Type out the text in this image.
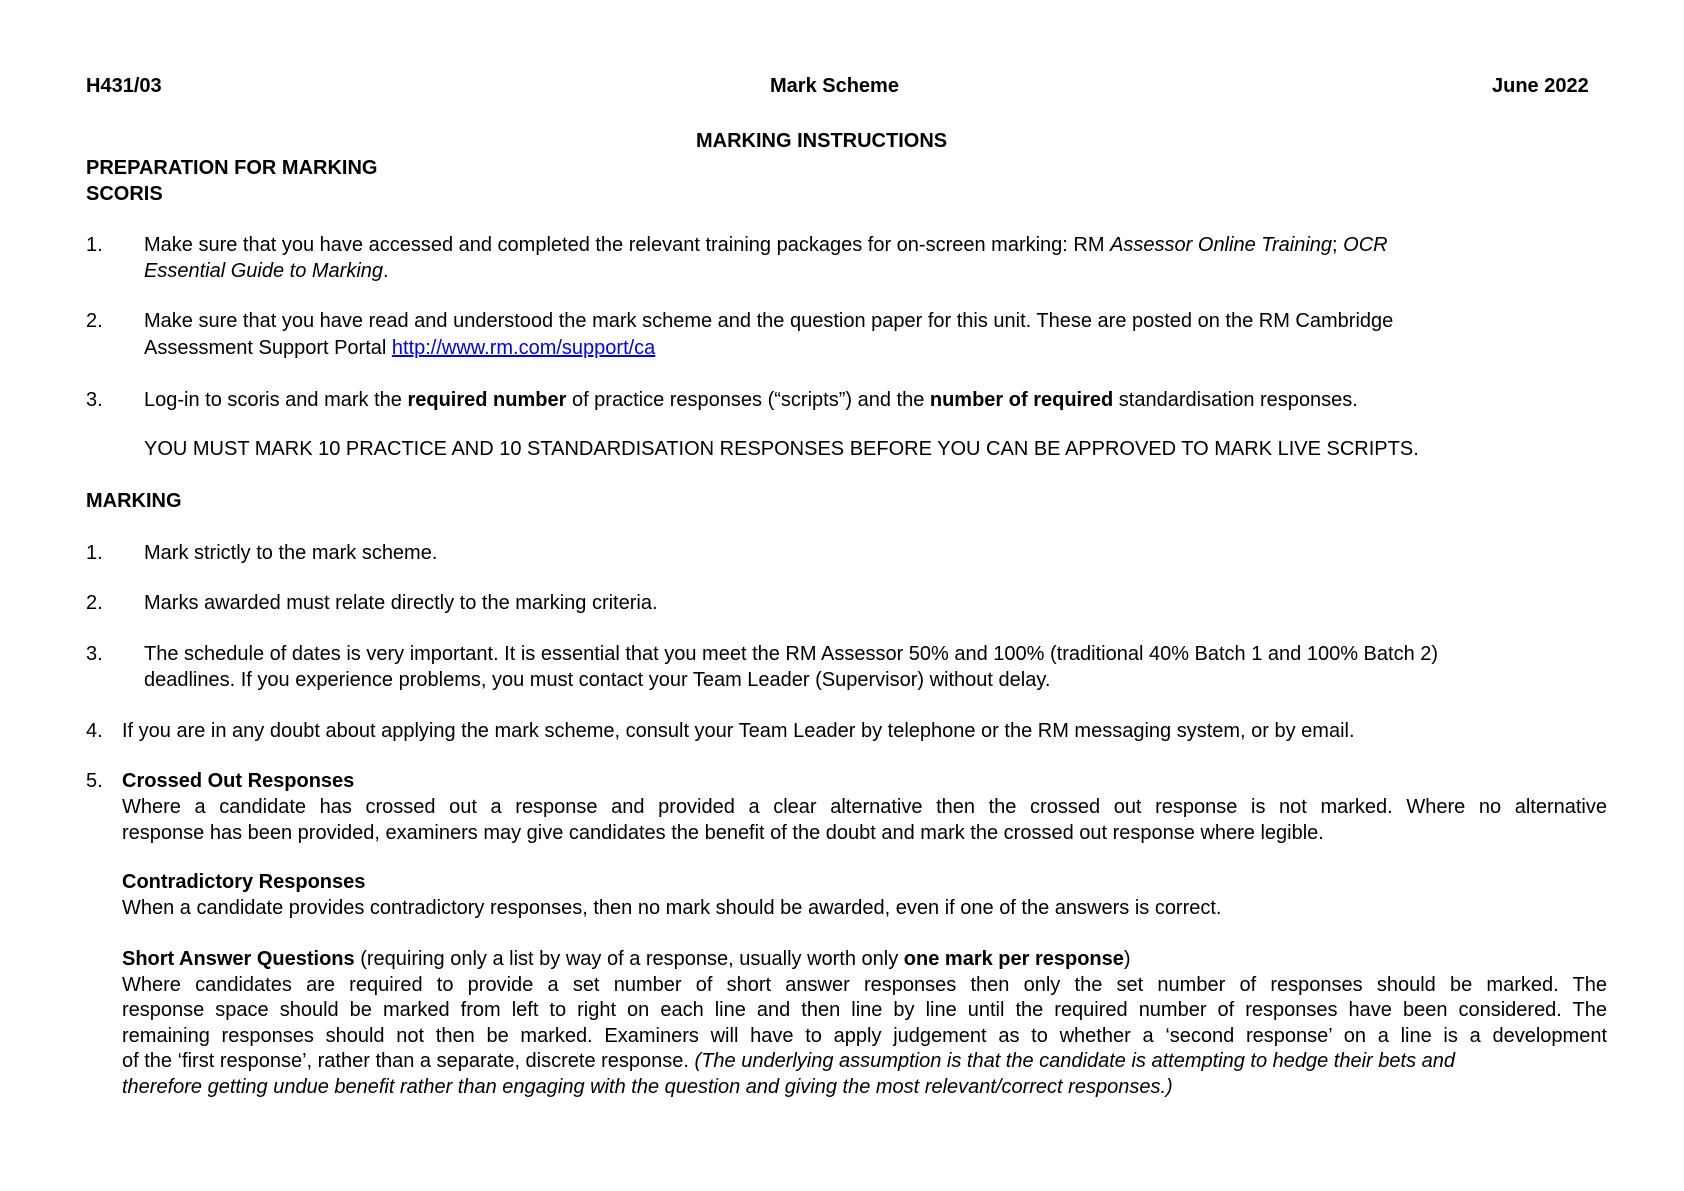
H431/03	Mark Scheme	June 2022
MARKING INSTRUCTIONS
PREPARATION FOR MARKING
SCORIS
1. Make sure that you have accessed and completed the relevant training packages for on-screen marking: RM Assessor Online Training; OCR
Essential Guide to Marking.
2. Make sure that you have read and understood the mark scheme and the question paper for this unit. These are posted on the RM Cambridge
Assessment Support Portal http://www.rm.com/support/ca
3. Log-in to scoris and mark the required number of practice responses (“scripts”) and the number of required standardisation responses.
1. Mark strictly to the mark scheme.
2. Marks awarded must relate directly to the marking criteria.
3. The schedule of dates is very important. It is essential that you meet the RM Assessor 50% and 100% (traditional 40% Batch 1 and 100% Batch 2)
deadlines. If you experience problems, you must contact your Team Leader (Supervisor) without delay.
4. If you are in any doubt about applying the mark scheme, consult your Team Leader by telephone or the RM messaging system, or by email.
5. Crossed Out Responses
Where a candidate has crossed out a response and provided a clear alternative then the crossed out response is not marked. Where no alternative
response has been provided, examiners may give candidates the benefit of the doubt and mark the crossed out response where legible.
Contradictory Responses
When a candidate provides contradictory responses, then no mark should be awarded, even if one of the answers is correct.
Short Answer Questions (requiring only a list by way of a response, usually worth only one mark per response)
Where candidates are required to provide a set number of short answer responses then only the set number of responses should be marked. The
response space should be marked from left to right on each line and then line by line until the required number of responses have been considered. The
remaining responses should not then be marked. Examiners will have to apply judgement as to whether a ‘second response’ on a line is a development
of the ‘first response’, rather than a separate, discrete response. (The underlying assumption is that the candidate is attempting to hedge their bets and
therefore getting undue benefit rather than engaging with the question and giving the most relevant/correct responses.)
YOU MUST MARK 10 PRACTICE AND 10 STANDARDISATION RESPONSES BEFORE YOU CAN BE APPROVED TO MARK LIVE SCRIPTS.
MARKING
